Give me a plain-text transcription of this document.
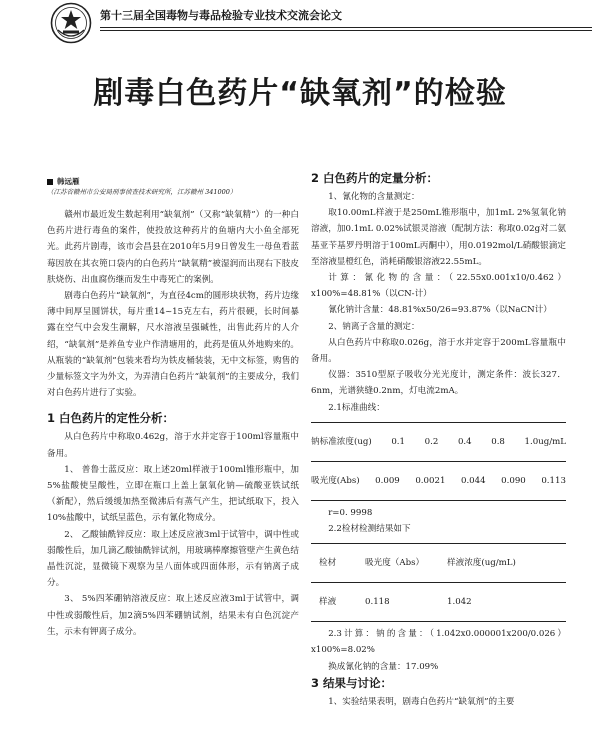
第十三届全国毒物与毒品检验专业技术交流会论文
剧毒白色药片“缺氧剂”的检验
韩远雁
（江苏省赣州市公安局刑事侦查技术研究所，江苏赣州 341000）

赣州市最近发生数起利用“缺氧剂”（又称“缺氧精”）的一种白色药片进行毒鱼的案件，使投放这种药片的鱼塘内大小鱼全部死光。此药片剧毒，该市会昌县在2010年5月9日曾发生一母鱼看蓝莓因放在其衣篼口袋内的白色药片“缺氧精”被湿润而出现右下肢皮肤烧伤、出血腐伤继而发生中毒死亡的案例。

剧毒白色药片“缺氧剂”，为直径4cm的圆形块状物，药片边缘薄中间厚呈圆饼状，每片重14~15克左右，药片很硬，长时间暴露在空气中会发生潮解，尺水溶液呈强碱性，出售此药片的人介绍，“缺氧剂”是养鱼专业户作清塘用的，此药是值从外地购来的。从瓶装的“缺氧剂”包装来看均为铁皮桶装装，无中文标签，购售的少量标签文字为外文，为弄清白色药片“缺氧剂”的主要成分，我们对白色药片进行了实验。

1 白色药片的定性分析：

从白色药片中称取0.462g，溶于水并定容于100ml容量瓶中备用。

1、 普鲁士蓝反应：取上述20ml样液于100ml锥形瓶中，加5%盐酸使呈酸性，立即在瓶口上盖上氯氧化钠—硫酸亚铁试纸（新配），然后缓缓加热至微沸后有蒸气产生，把试纸取下，投入10%盐酸中，试纸呈蓝色，示有氰化物成分。

2、 乙酸铀酰锌反应：取上述反应液3ml于试管中，调中性或弱酸性后，加几滴乙酸铀酰锌试剂，用玻璃棒摩擦管壁产生黄色结晶性沉淀，显微镜下观察为呈八面体或四面体形，示有钠离子成分。

3、 5%四苯硼钠溶液反应：取上述反应液3ml于试管中，调中性或弱酸性后，加2滴5%四苯硼钠试剂，结果未有白色沉淀产生，示未有钾离子成分。

2 白色药片的定量分析：

1、氰化物的含量测定：

取10.00mL样液于是250mL锥形瓶中，加1mL 2%氢氧化钠溶液，加0.1mL 0.02%试银灵溶液（配制方法：称取0.02g对二氨基亚苄基罗丹明溶于100mL丙酮中），用0.0192mol/L硝酸银滴定至溶液显橙红色，消耗硝酸银溶液22.55mL。

计算：氰化物的含量：（22.55x0.001x10/0.462）x100%=48.81%（以CN-计）

氰化钠计含量：48.81%x50/26=93.87%（以NaCN计）

2、钠离子含量的测定：

从白色药片中称取0.026g，溶于水并定容于200mL容量瓶中备用。

仪器：3510型原子吸收分光光度计，测定条件：波长327．6nm，光谱狭缝0.2nm，灯电流2mA。

2.1标准曲线：

钠标准浓度(ug) 0.1 0.2 0.4 0.8 1.0ug/mL
吸光度(Abs) 0.009 0.0021 0.044 0.090 0.113

r=0. 9998

2.2检材检测结果如下

检材	吸光度（Abs）	样液浓度(ug/mL)
样液	0.118	1.042

2.3计算：钠的含量：（1.042x0.000001x200/0.026）x100%=8.02%

换成氰化钠的含量：17.09%

3 结果与讨论：

1、实验结果表明，剧毒白色药片“缺氧剂”的主要
